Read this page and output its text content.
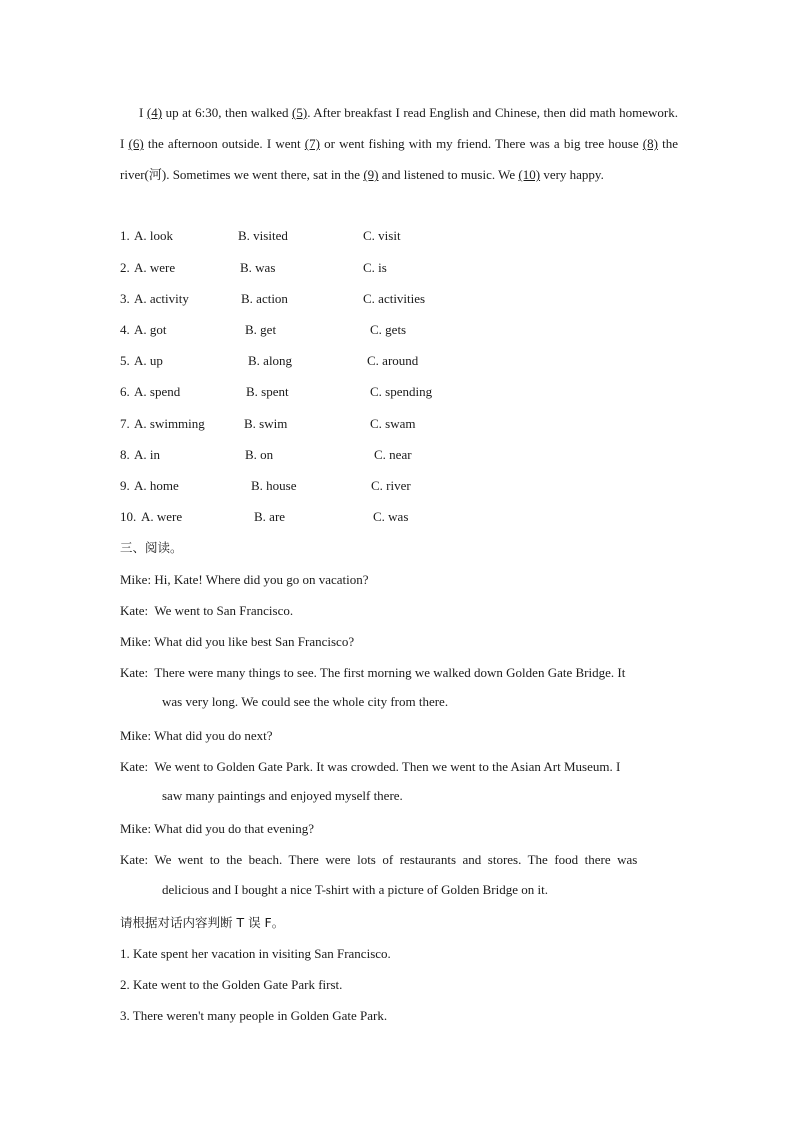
I (4) up at 6:30, then walked (5). After breakfast I read English and Chinese, then did math homework. I (6) the afternoon outside. I went (7) or went fishing with my friend. There was a big tree house (8) the river(河). Sometimes we went there, sat in the (9) and listened to music. We (10) very happy.

1. A. look	B. visited	C. visit
2. A. were	B. was	C. is
3. A. activity	B. action	C. activities
4. A. got	B. get	C. gets
5. A. up	B. along	C. around
6. A. spend	B. spent	C. spending
7. A. swimming	B. swim	C. swam
8. A. in	B. on	C. near
9. A. home	B. house	C. river
10. A. were	B. are	C. was
三、阅读。
Mike: Hi, Kate! Where did you go on vacation?
Kate: We went to San Francisco.
Mike: What did you like best San Francisco?
Kate: There were many things to see. The first morning we walked down Golden Gate Bridge. It
was very long. We could see the whole city from there.
Mike: What did you do next?
Kate: We went to Golden Gate Park. It was crowded. Then we went to the Asian Art Museum. I
saw many paintings and enjoyed myself there.
Mike: What did you do that evening?
Kate: We  went  to  the  beach.  There  were  lots  of  restaurants  and  stores.  The  food  there  was
delicious and I bought a nice T-shirt with a picture of Golden Bridge on it.
请根据对话内容判断 T 误 F。
1. Kate spent her vacation in visiting San Francisco.
2. Kate went to the Golden Gate Park first.
3. There weren't many people in Golden Gate Park.
